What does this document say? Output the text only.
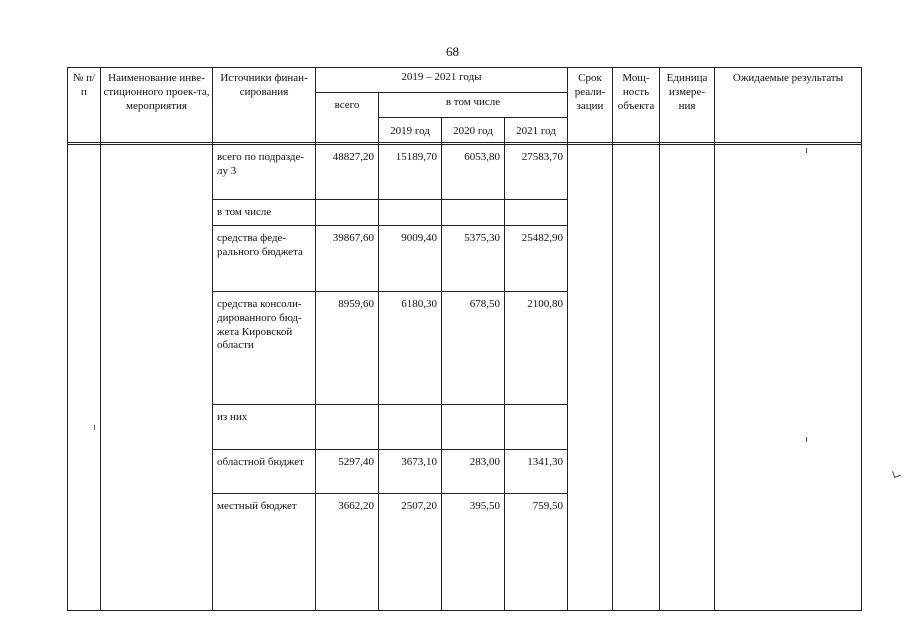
68
№ п/п	Наименование инве-стиционного проек-та, мероприятия	Источники финан-сирования	2019 – 2021 годы				Срок реали-зации	Мощ-ность объекта	Единица измере-ния	Ожидаемые результаты
			всего	в том числе						
				2019 год	2020 год	2021 год				

		всего по подразде-лу 3	48827,20	15189,70	6053,80	27583,70				
		в том числе								
		средства феде-рального бюджета	39867,60	9009,40	5375,30	25482,90				
		средства консоли-дированного бюд-жета Кировской области	8959,60	6180,30	678,50	2100,80				
		из них								
		областной бюджет	5297,40	3673,10	283,00	1341,30				
		местный бюджет	3662,20	2507,20	395,50	759,50				
